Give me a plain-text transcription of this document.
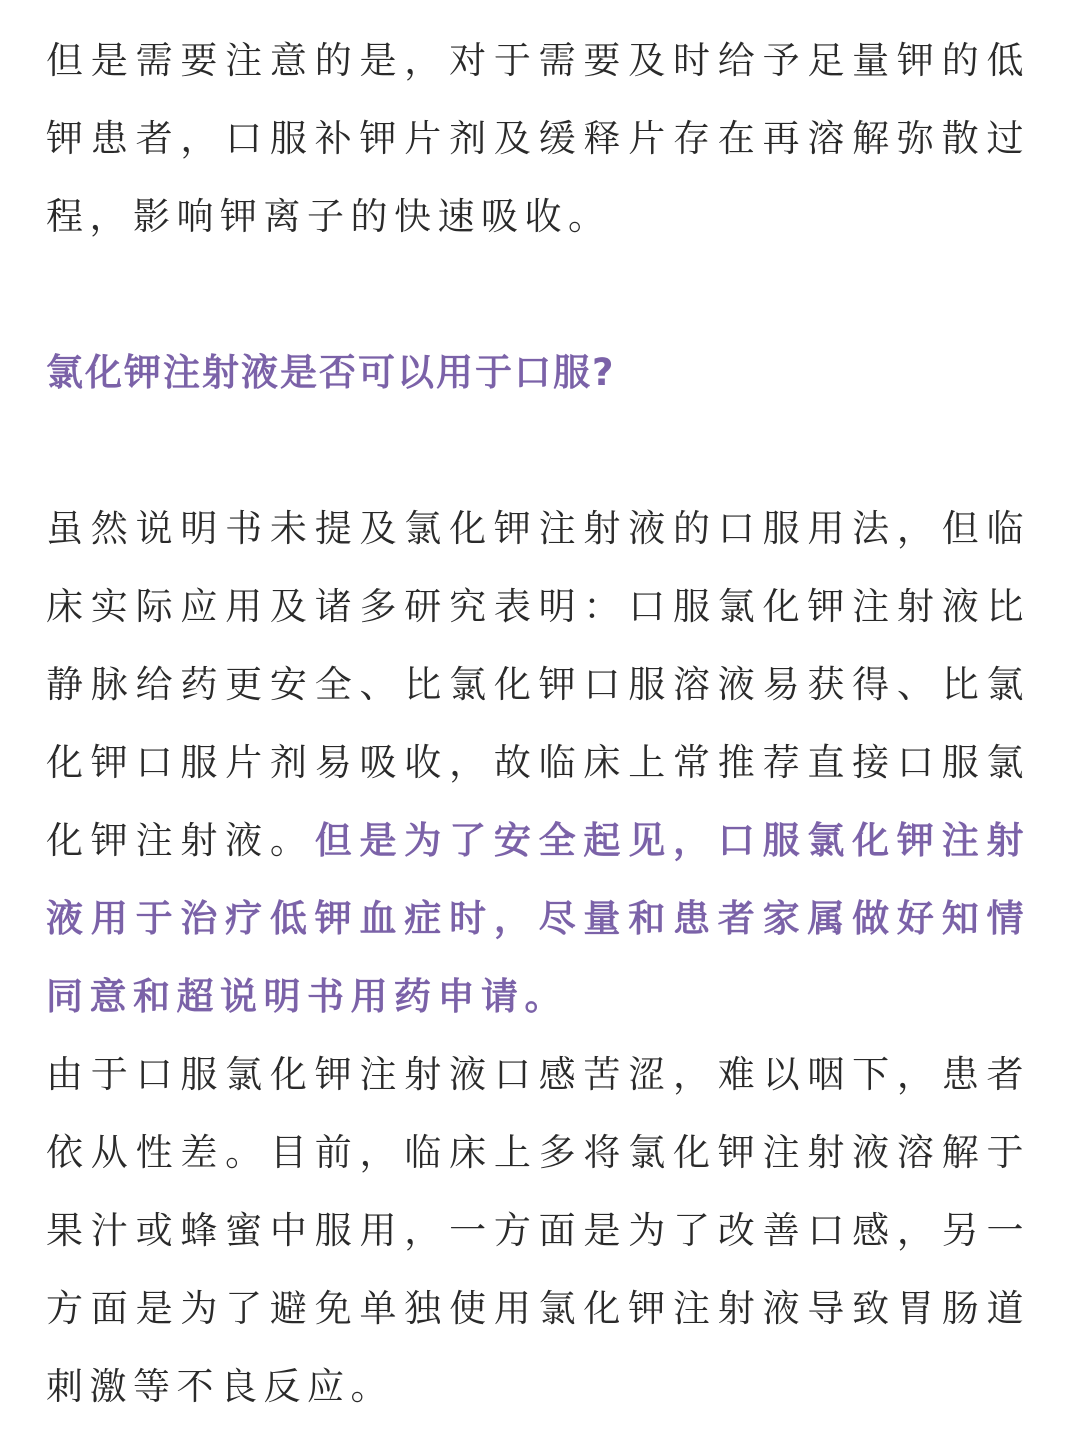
但是需要注意的是，对于需要及时给予足量钾的低钾患者，口服补钾片剂及缓释片存在再溶解弥散过程，影响钾离子的快速吸收。

氯化钾注射液是否可以用于口服?

虽然说明书未提及氯化钾注射液的口服用法，但临床实际应用及诸多研究表明：口服氯化钾注射液比静脉给药更安全、比氯化钾口服溶液易获得、比氯化钾口服片剂易吸收，故临床上常推荐直接口服氯化钾注射液。但是为了安全起见，口服氯化钾注射液用于治疗低钾血症时，尽量和患者家属做好知情同意和超说明书用药申请。

由于口服氯化钾注射液口感苦涩，难以咽下，患者依从性差。目前，临床上多将氯化钾注射液溶解于果汁或蜂蜜中服用，一方面是为了改善口感，另一方面是为了避免单独使用氯化钾注射液导致胃肠道刺激等不良反应。
